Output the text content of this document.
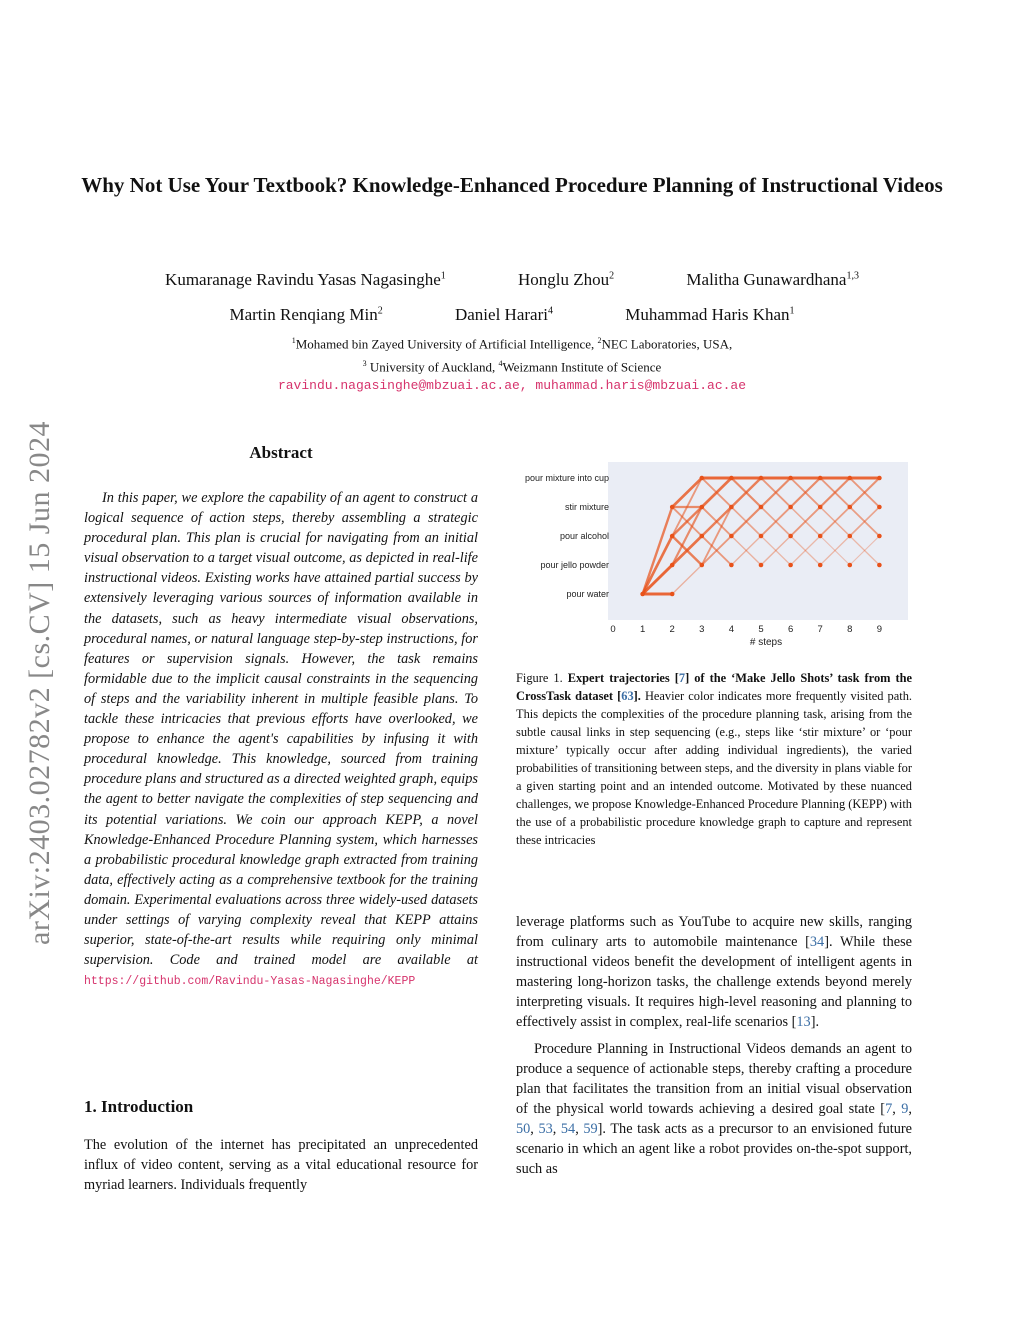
Why Not Use Your Textbook? Knowledge-Enhanced Procedure Planning of Instructional Videos
Kumaranage Ravindu Yasas Nagasinghe$^1$	Honglu Zhou$^2$	Malitha Gunawardhana$^{1,3}$
Martin Renqiang Min$^2$	Daniel Harari$^4$	Muhammad Haris Khan$^1$
$^1$Mohamed bin Zayed University of Artificial Intelligence, $^2$NEC Laboratories, USA,
$^3$ University of Auckland, $^4$Weizmann Institute of Science
ravindu.nagasinghe@mbzuai.ac.ae, muhammad.haris@mbzuai.ac.ae
arXiv:2403.02782v2 [cs.CV] 15 Jun 2024	Abstract
In this paper, we explore the capability of an agent to construct a logical sequence of action steps, thereby assembling a strategic procedural plan. This plan is crucial for navigating from an initial visual observation to a target visual outcome, as depicted in real-life instructional videos. Existing works have attained partial success by extensively leveraging various sources of information available in the datasets, such as heavy intermediate visual observations, procedural names, or natural language step-by-step instructions, for features or supervision signals. However, the task remains formidable due to the implicit causal constraints in the sequencing of steps and the variability inherent in multiple feasible plans. To tackle these intricacies that previous efforts have overlooked, we propose to enhance the agent's capabilities by infusing it with procedural knowledge. This knowledge, sourced from training procedure plans and structured as a directed weighted graph, equips the agent to better navigate the complexities of step sequencing and its potential variations. We coin our approach KEPP, a novel Knowledge-Enhanced Procedure Planning system, which harnesses a probabilistic procedural knowledge graph extracted from training data, effectively acting as a comprehensive textbook for the training domain. Experimental evaluations across three widely-used datasets under settings of varying complexity reveal that KEPP attains superior, state-of-the-art results while requiring only minimal supervision. Code and trained model are available at https://github.com/Ravindu-Yasas-Nagasinghe/KEPP
1. Introduction
The evolution of the internet has precipitated an unprecedented influx of video content, serving as a vital educational resource for myriad learners. Individuals frequently
pour water
pour jello powder
pour alcohol
stir mixture
pour mixture into cup
0	1	2	3	4	5	6	7	8	9
# steps
Figure 1. Expert trajectories [7] of the ‘Make Jello Shots’ task from the CrossTask dataset [63]. Heavier color indicates more frequently visited path. This depicts the complexities of the procedure planning task, arising from the subtle causal links in step sequencing (e.g., steps like ‘stir mixture’ or ‘pour mixture’ typically occur after adding individual ingredients), the varied probabilities of transitioning between steps, and the diversity in plans viable for a given starting point and an intended outcome. Motivated by these nuanced challenges, we propose Knowledge-Enhanced Procedure Planning (KEPP) with the use of a probabilistic procedure knowledge graph to capture and represent these intricacies

leverage platforms such as YouTube to acquire new skills, ranging from culinary arts to automobile maintenance [34]. While these instructional videos benefit the development of intelligent agents in mastering long-horizon tasks, the challenge extends beyond merely interpreting visuals. It requires high-level reasoning and planning to effectively assist in complex, real-life scenarios [13].

Procedure Planning in Instructional Videos demands an agent to produce a sequence of actionable steps, thereby crafting a procedure plan that facilitates the transition from an initial visual observation of the physical world towards achieving a desired goal state [7, 9, 50, 53, 54, 59]. The task acts as a precursor to an envisioned future scenario in which an agent like a robot provides on-the-spot support, such as
